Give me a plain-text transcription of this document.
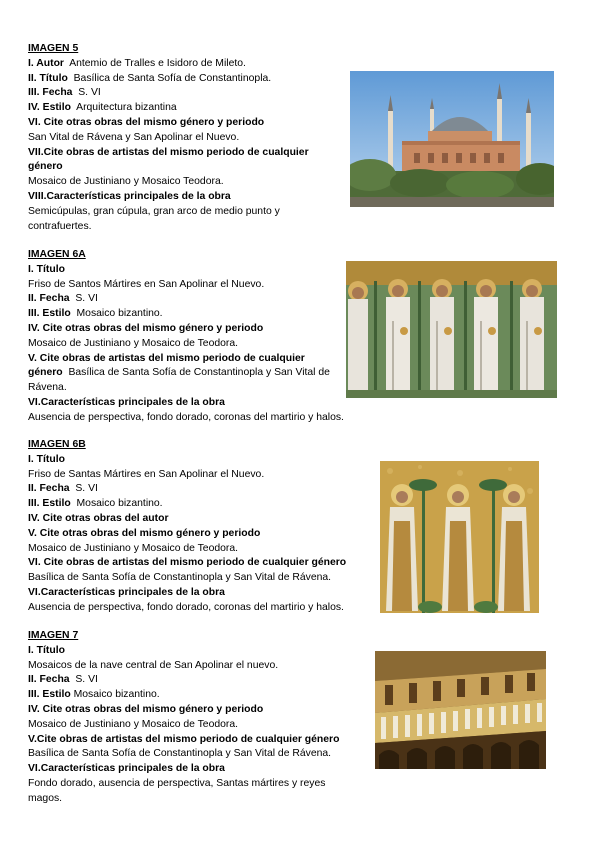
IMAGEN 5
I. Autor Antemio de Tralles e Isidoro de Mileto.
II. Título Basílica de Santa Sofía de Constantinopla.
III. Fecha S. VI
IV. Estilo Arquitectura bizantina
VI. Cite otras obras del mismo género y periodo
San Vital de Rávena y San Apolinar el Nuevo.
VII.Cite obras de artistas del mismo periodo de cualquier género
Mosaico de Justiniano y Mosaico Teodora.
VIII.Características principales de la obra
Semicúpulas, gran cúpula, gran arco de medio punto y contrafuertes.
IMAGEN 6A
I. Título
Friso de Santos Mártires en San Apolinar el Nuevo.
II. Fecha S. VI
III. Estilo Mosaico bizantino.
IV. Cite otras obras del mismo género y periodo
Mosaico de Justiniano y Mosaico de Teodora.
V. Cite obras de artistas del mismo periodo de cualquier género Basílica de Santa Sofía de Constantinopla y San Vital de Rávena.
VI.Características principales de la obra
Ausencia de perspectiva, fondo dorado, coronas del martirio y halos.
IMAGEN 6B
I. Título
Friso de Santas Mártires en San Apolinar el Nuevo.
II. Fecha S. VI
III. Estilo Mosaico bizantino.
IV. Cite otras obras del autor
V. Cite otras obras del mismo género y periodo
Mosaico de Justiniano y Mosaico de Teodora.
VI. Cite obras de artistas del mismo periodo de cualquier género
Basílica de Santa Sofía de Constantinopla y San Vital de Rávena.
VI.Características principales de la obra
Ausencia de perspectiva, fondo dorado, coronas del martirio y halos.
IMAGEN 7
I. Título
Mosaicos de la nave central de San Apolinar el nuevo.
II. Fecha S. VI
III. Estilo Mosaico bizantino.
IV. Cite otras obras del mismo género y periodo
Mosaico de Justiniano y Mosaico de Teodora.
V.Cite obras de artistas del mismo periodo de cualquier género
Basílica de Santa Sofía de Constantinopla y San Vital de Rávena.
VI.Características principales de la obra
Fondo dorado, ausencia de perspectiva, Santas mártires y reyes magos.
